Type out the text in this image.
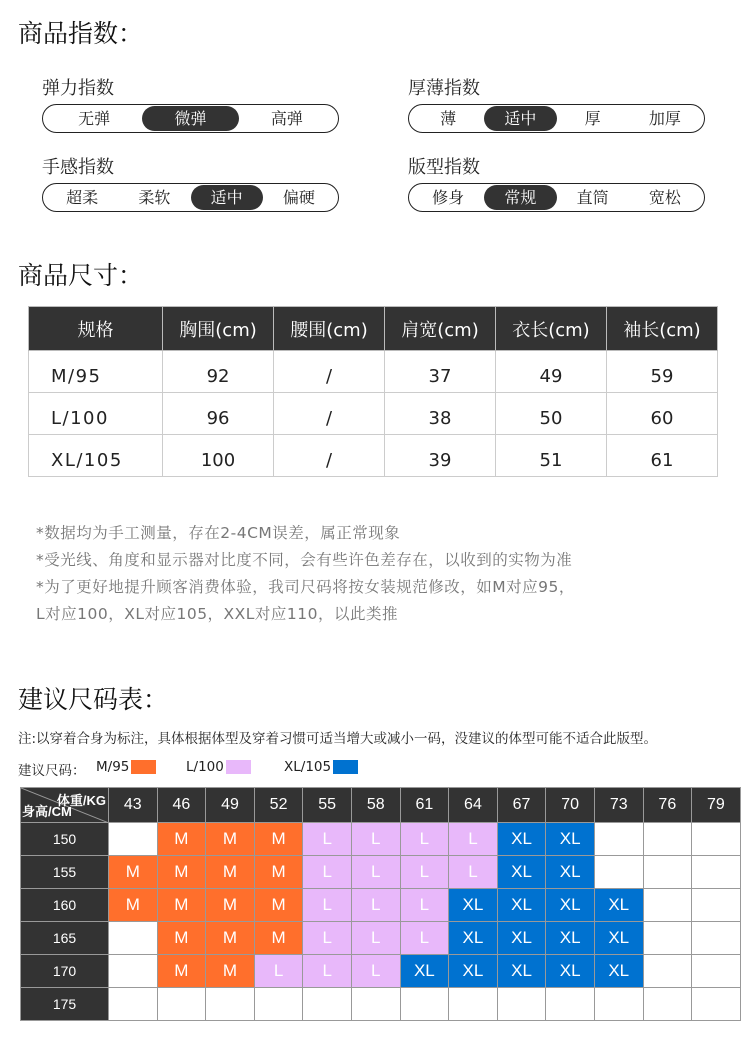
商品指数：
弹力指数
无弹	微弹	高弹
厚薄指数
薄	适中	厚	加厚
手感指数
超柔	柔软	适中	偏硬
版型指数
修身	常规	直筒	宽松
商品尺寸：
规格	胸围(cm)	腰围(cm)	肩宽(cm)	衣长(cm)	袖长(cm)
M/95	92	/	37	49	59
L/100	96	/	38	50	60
XL/105	100	/	39	51	61
*数据均为手工测量，存在2-4CM误差，属正常现象
*受光线、角度和显示器对比度不同，会有些许色差存在，以收到的实物为准
*为了更好地提升顾客消费体验，我司尺码将按女装规范修改，如M对应95，
L对应100，XL对应105，XXL对应110，以此类推
建议尺码表：
注:以穿着合身为标注，具体根据体型及穿着习惯可适当增大或减小一码，没建议的体型可能不适合此版型。
建议尺码： M/95	L/100	XL/105
体重/KG
身高/CM	43	46	49	52	55	58	61	64	67	70	73	76	79
150		M	M	M	L	L	L	L	XL	XL			
155	M	M	M	M	L	L	L	L	XL	XL			
160	M	M	M	M	L	L	L	XL	XL	XL	XL		
165		M	M	M	L	L	L	XL	XL	XL	XL		
170		M	M	L	L	L	XL	XL	XL	XL	XL		
175													
